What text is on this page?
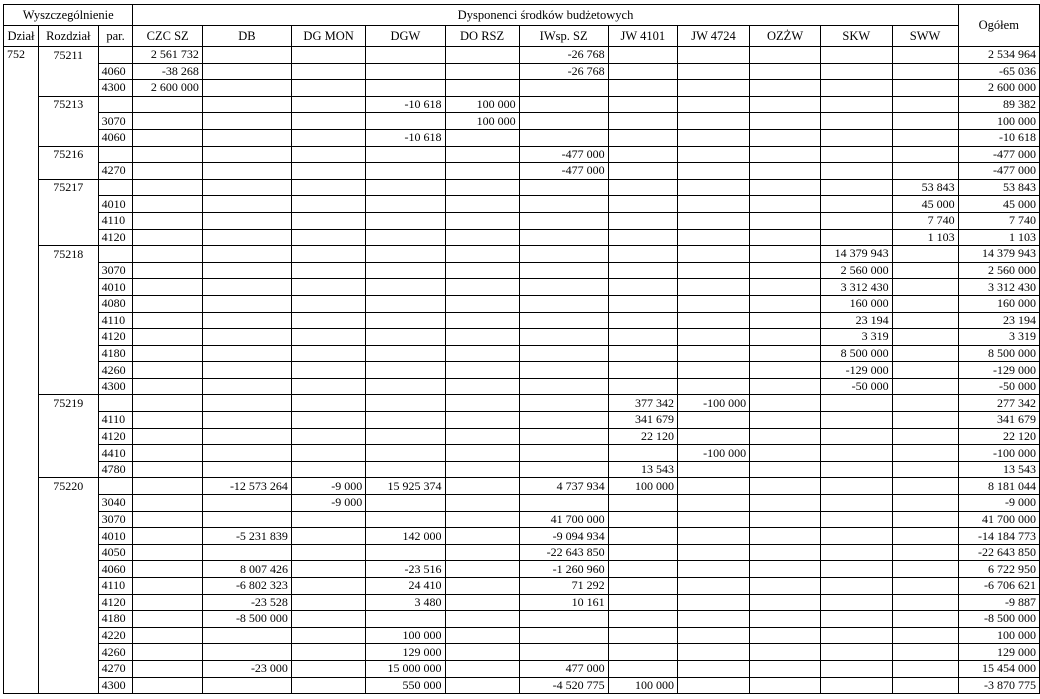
Wyszczególnienie			Dysponenci środków budżetowych											Ogółem
Dział	Rozdział	par.	CZC SZ	DB	DG MON	DGW	DO RSZ	IWsp. SZ	JW 4101	JW 4724	OZŻW	SKW	SWW	
752	75211		2 561 732					-26 768						2 534 964
		4060	-38 268					-26 768						-65 036
		4300	2 600 000											2 600 000
	75213					-10 618	100 000							89 382
		3070					100 000							100 000
		4060				-10 618								-10 618
	75216							-477 000						-477 000
		4270						-477 000						-477 000
	75217												53 843	53 843
		4010											45 000	45 000
		4110											7 740	7 740
		4120											1 103	1 103
	75218											14 379 943		14 379 943
		3070										2 560 000		2 560 000
		4010										3 312 430		3 312 430
		4080										160 000		160 000
		4110										23 194		23 194
		4120										3 319		3 319
		4180										8 500 000		8 500 000
		4260										-129 000		-129 000
		4300										-50 000		-50 000
	75219								377 342	-100 000				277 342
		4110							341 679					341 679
		4120							22 120					22 120
		4410								-100 000				-100 000
		4780							13 543					13 543
	75220			-12 573 264	-9 000	15 925 374		4 737 934	100 000					8 181 044
		3040			-9 000									-9 000
		3070						41 700 000						41 700 000
		4010		-5 231 839		142 000		-9 094 934						-14 184 773
		4050						-22 643 850						-22 643 850
		4060		8 007 426		-23 516		-1 260 960						6 722 950
		4110		-6 802 323		24 410		71 292						-6 706 621
		4120		-23 528		3 480		10 161						-9 887
		4180		-8 500 000										-8 500 000
		4220				100 000								100 000
		4260				129 000								129 000
		4270		-23 000		15 000 000		477 000						15 454 000
		4300				550 000		-4 520 775	100 000					-3 870 775
